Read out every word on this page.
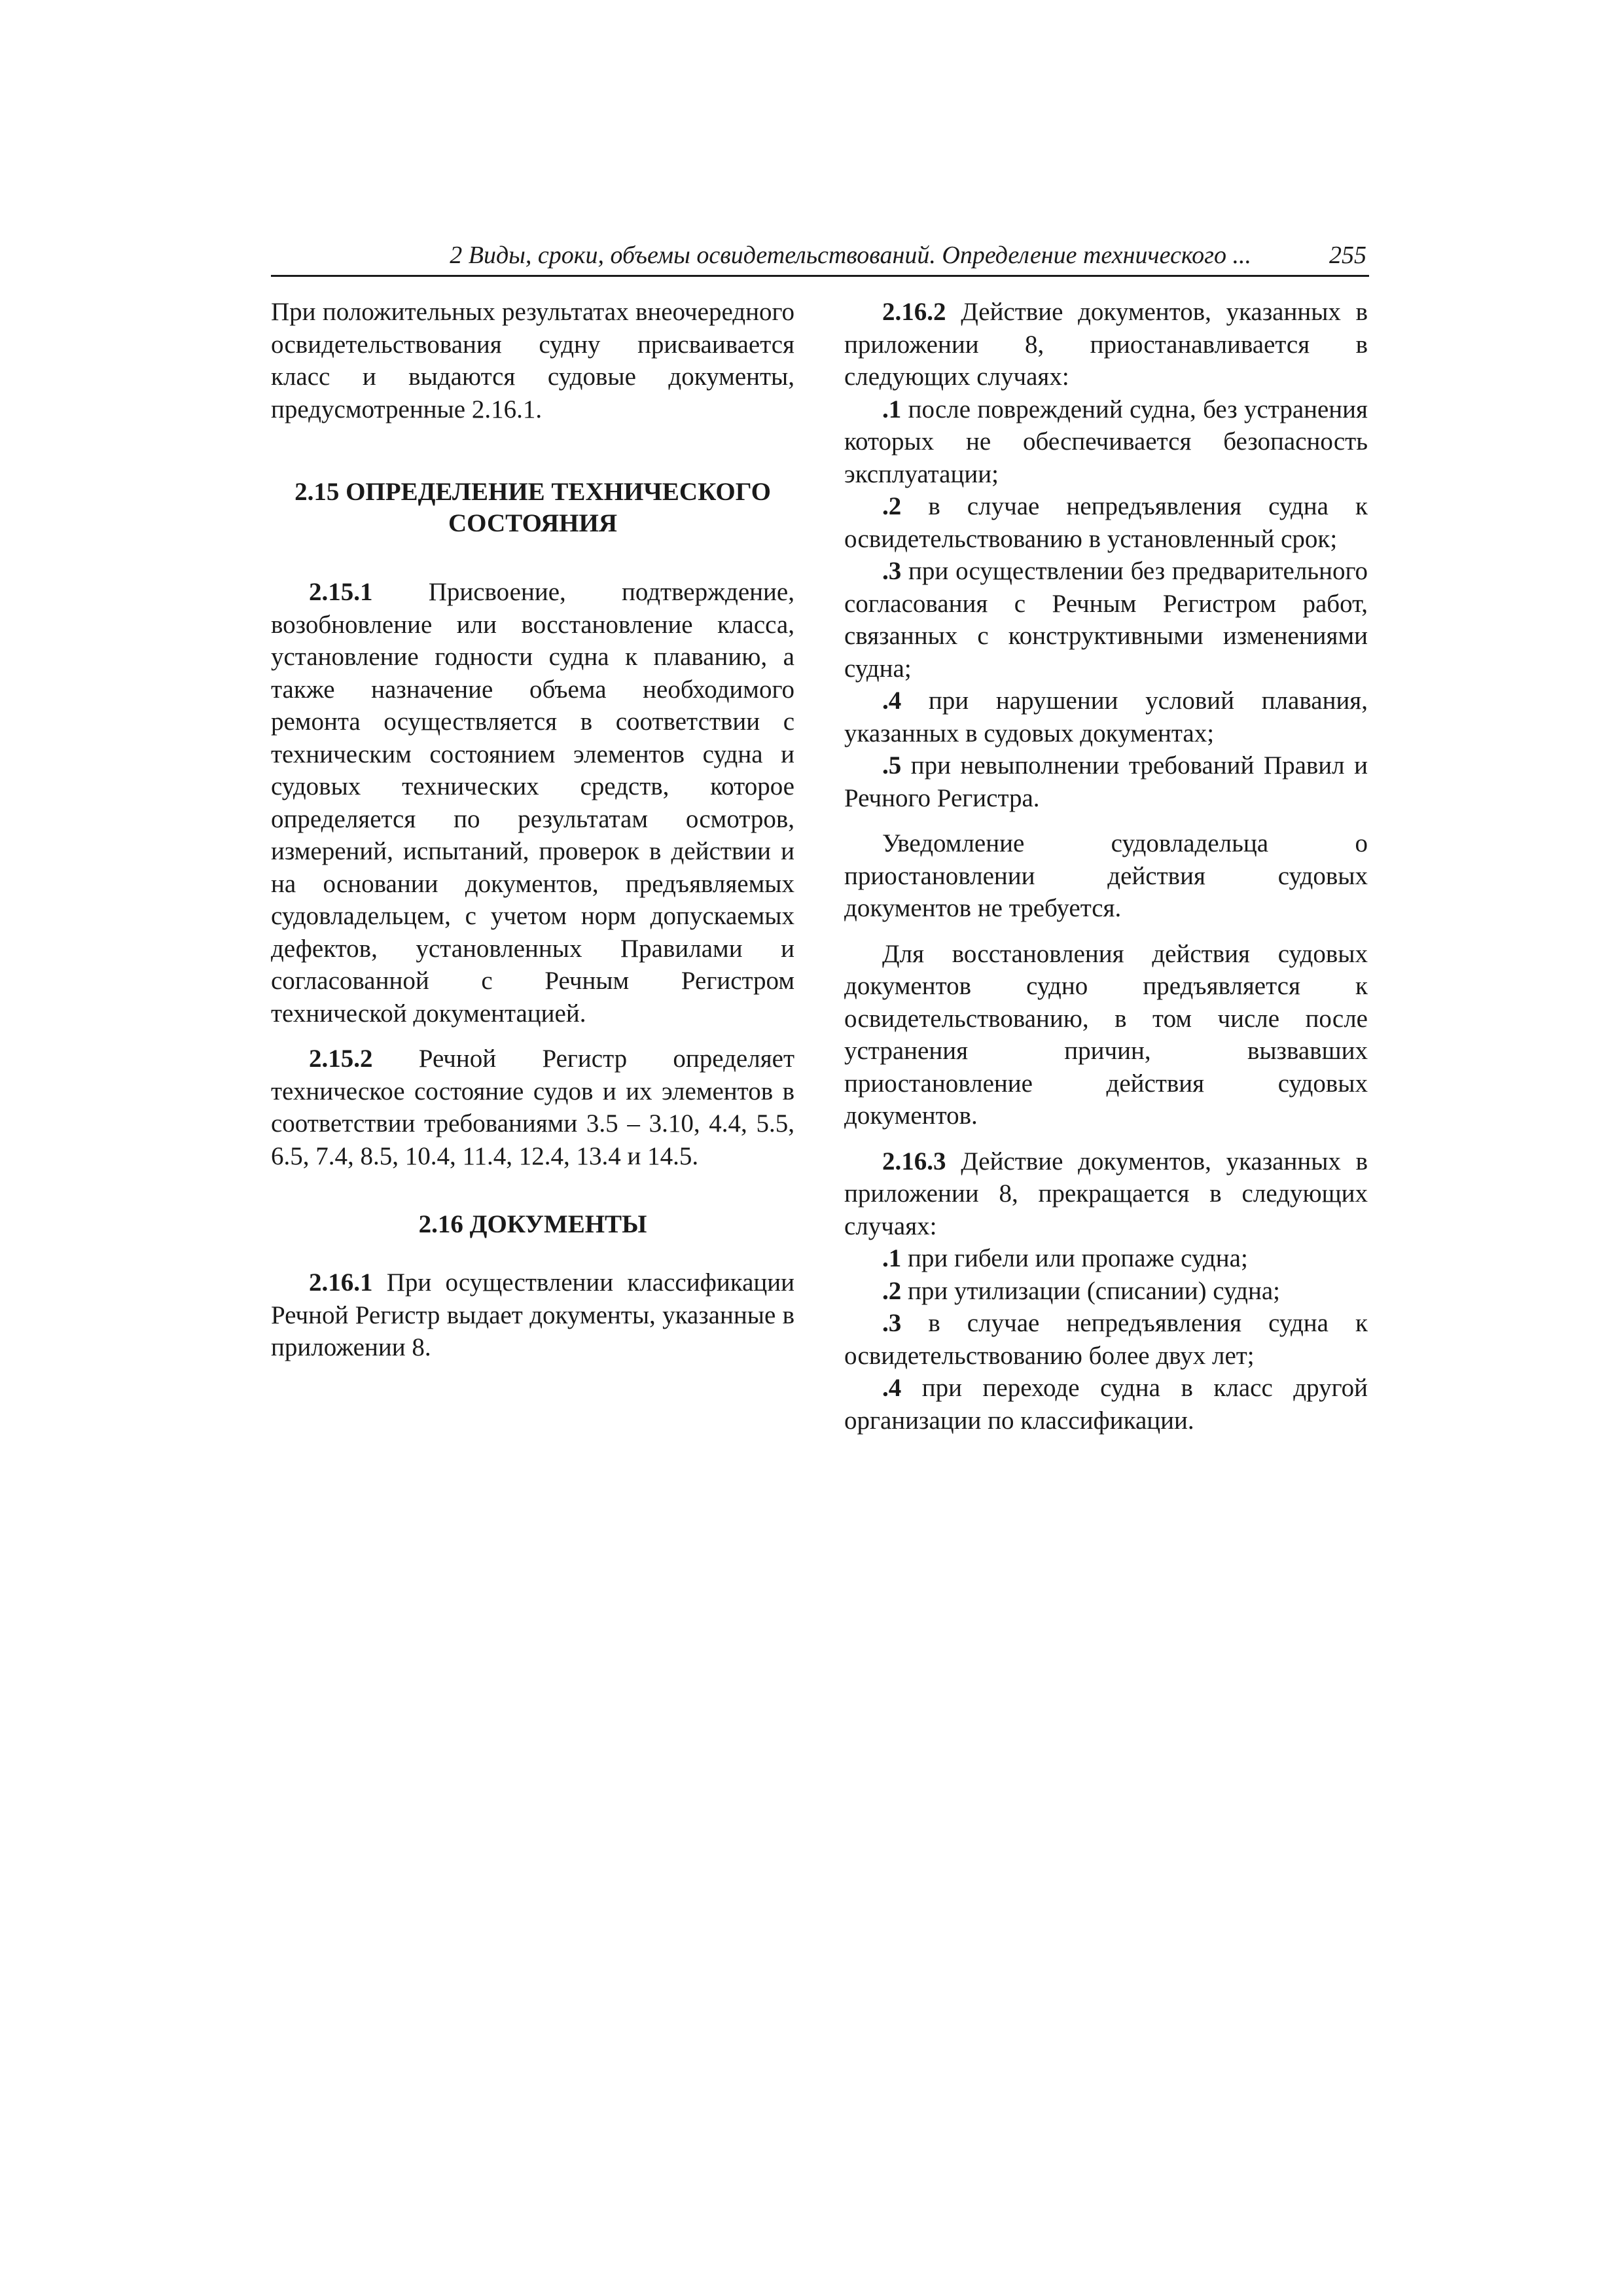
2 Виды, сроки, объемы освидетельствований. Определение технического ...	255

При положительных результатах внеочередного освидетельствования судну присваивается класс и выдаются судовые документы, предусмотренные 2.16.1.

2.15 ОПРЕДЕЛЕНИЕ ТЕХНИЧЕСКОГО СОСТОЯНИЯ

2.15.1 Присвоение, подтверждение, возобновление или восстановление класса, установление годности судна к плаванию, а также назначение объема необходимого ремонта осуществляется в соответствии с техническим состоянием элементов судна и судовых технических средств, которое определяется по результатам осмотров, измерений, испытаний, проверок в действии и на основании документов, предъявляемых судовладельцем, с учетом норм допускаемых дефектов, установленных Правилами и согласованной с Речным Регистром технической документацией.

2.15.2 Речной Регистр определяет техническое состояние судов и их элементов в соответствии требованиями 3.5 – 3.10, 4.4, 5.5, 6.5, 7.4, 8.5, 10.4, 11.4, 12.4, 13.4 и 14.5.

2.16 ДОКУМЕНТЫ

2.16.1 При осуществлении классификации Речной Регистр выдает документы, указанные в приложении 8.

2.16.2 Действие документов, указанных в приложении 8, приостанавливается в следующих случаях:

.1 после повреждений судна, без устранения которых не обеспечивается безопасность эксплуатации;

.2 в случае непредъявления судна к освидетельствованию в установленный срок;

.3 при осуществлении без предварительного согласования с Речным Регистром работ, связанных с конструктивными изменениями судна;

.4 при нарушении условий плавания, указанных в судовых документах;

.5 при невыполнении требований Правил и Речного Регистра.

Уведомление судовладельца о приостановлении действия судовых документов не требуется.

Для восстановления действия судовых документов судно предъявляется к освидетельствованию, в том числе после устранения причин, вызвавших приостановление действия судовых документов.

2.16.3 Действие документов, указанных в приложении 8, прекращается в следующих случаях:

.1 при гибели или пропаже судна;

.2 при утилизации (списании) судна;

.3 в случае непредъявления судна к освидетельствованию более двух лет;

.4 при переходе судна в класс другой организации по классификации.
